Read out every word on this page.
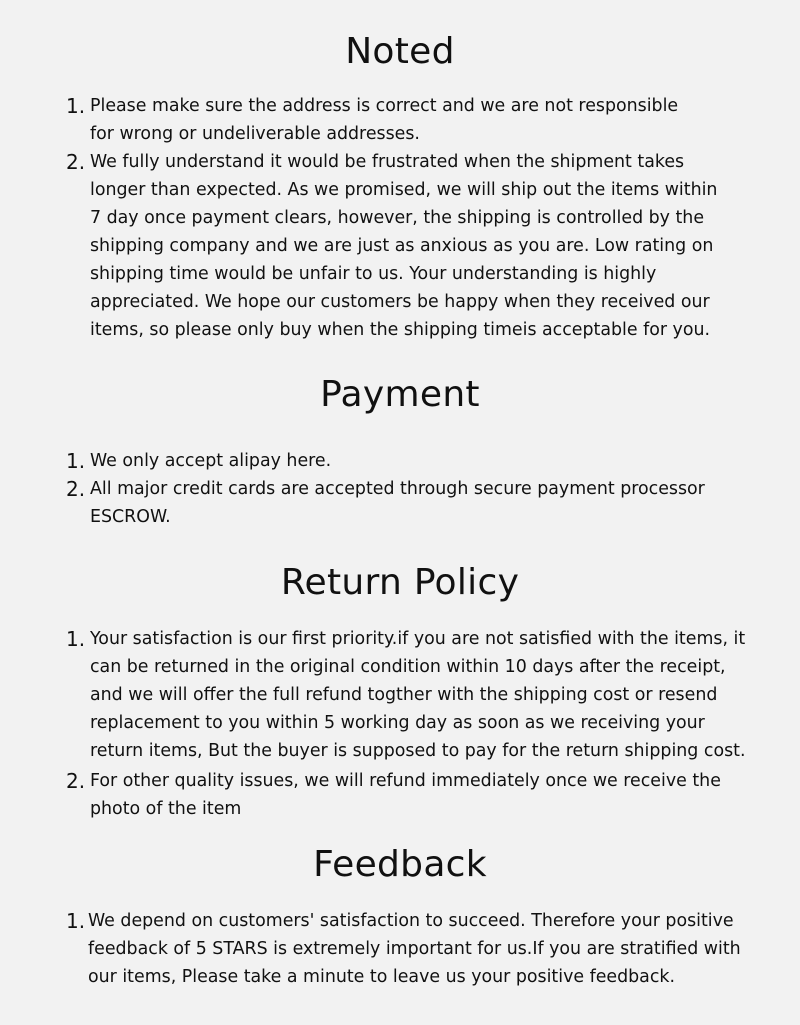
Noted
1. Please make sure the address is correct and we are not responsible
for wrong or undeliverable addresses.
2. We fully understand it would be frustrated when the shipment takes
longer than expected. As we promised, we will ship out the items within
7 day once payment clears, however, the shipping is controlled by the
shipping company and we are just as anxious as you are. Low rating on
shipping time would be unfair to us. Your understanding is highly
appreciated. We hope our customers be happy when they received our
items, so please only buy when the shipping timeis acceptable for you.
Payment
1. We only accept alipay here.
2. All major credit cards are accepted through secure payment processor
ESCROW.
Return Policy
1. Your satisfaction is our first priority.if you are not satisfied with the items, it
can be returned in the original condition within 10 days after the receipt,
and we will offer the full refund togther with the shipping cost or resend
replacement to you within 5 working day as soon as we receiving your
return items, But the buyer is supposed to pay for the return shipping cost.
2. For other quality issues, we will refund immediately once we receive the
photo of the item
Feedback
1. We depend on customers' satisfaction to succeed. Therefore your positive
feedback of 5 STARS is extremely important for us.If you are stratified with
our items, Please take a minute to leave us your positive feedback.
